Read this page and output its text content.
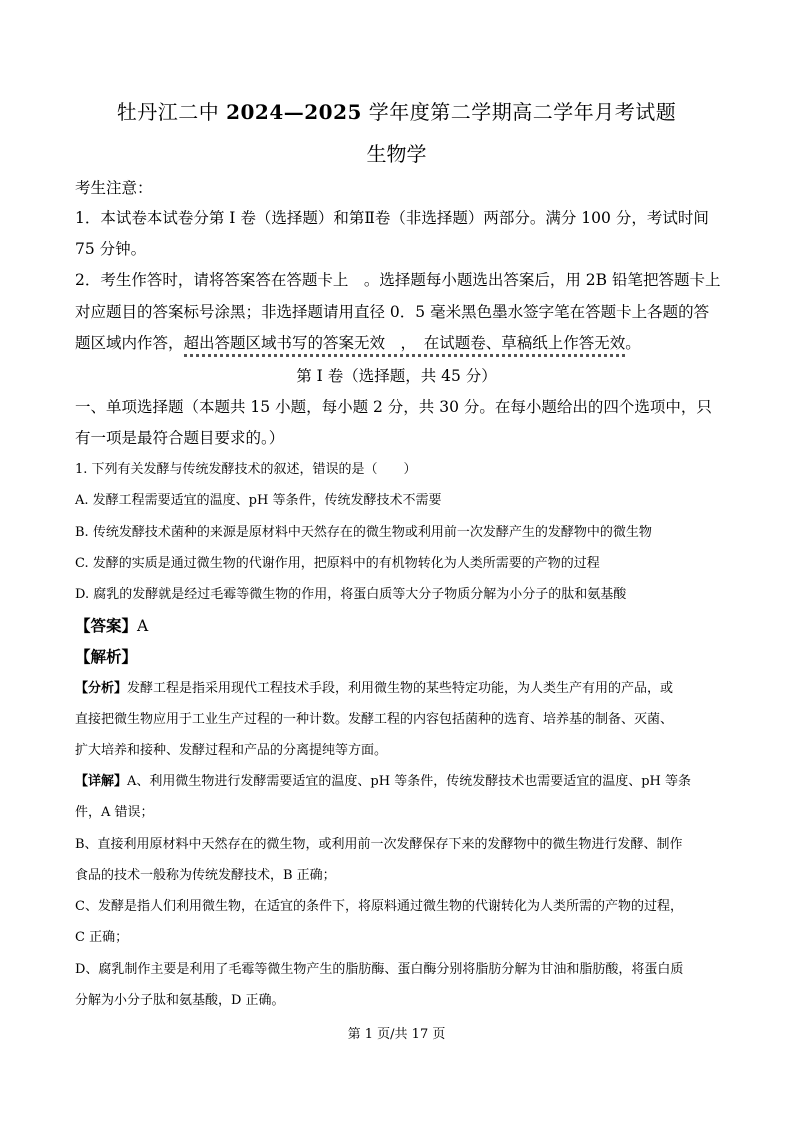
牡丹江二中 2024—2025 学年度第二学期高二学年月考试题
生物学
考生注意：
1．本试卷本试卷分第 I 卷（选择题）和第Ⅱ卷（非选择题）两部分。满分 100 分，考试时间
75 分钟。
2．考生作答时，请将答案答在答题卡上　。选择题每小题选出答案后，用 2B 铅笔把答题卡上
对应题目的答案标号涂黑；非选择题请用直径 0．5 毫米黑色墨水签字笔在答题卡上各题的答
题区域内作答，超出答题区域书写的答案无效　，　在试题卷、草稿纸上作答无效。
第 I 卷（选择题，共 45 分）
一、单项选择题（本题共 15 小题，每小题 2 分，共 30 分。在每小题给出的四个选项中，只
有一项是最符合题目要求的。）
1. 下列有关发酵与传统发酵技术的叙述，错误的是（　　）
A. 发酵工程需要适宜的温度、pH 等条件，传统发酵技术不需要
B. 传统发酵技术菌种的来源是原材料中天然存在的微生物或利用前一次发酵产生的发酵物中的微生物
C. 发酵的实质是通过微生物的代谢作用，把原料中的有机物转化为人类所需要的产物的过程
D. 腐乳的发酵就是经过毛霉等微生物的作用，将蛋白质等大分子物质分解为小分子的肽和氨基酸
【答案】A
【解析】
【分析】发酵工程是指采用现代工程技术手段，利用微生物的某些特定功能，为人类生产有用的产品，或
直接把微生物应用于工业生产过程的一种计数。发酵工程的内容包括菌种的选育、培养基的制备、灭菌、
扩大培养和接种、发酵过程和产品的分离提纯等方面。
【详解】A、利用微生物进行发酵需要适宜的温度、pH 等条件，传统发酵技术也需要适宜的温度、pH 等条
件，A 错误；
B、直接利用原材料中天然存在的微生物，或利用前一次发酵保存下来的发酵物中的微生物进行发酵、制作
食品的技术一般称为传统发酵技术，B 正确；
C、发酵是指人们利用微生物，在适宜的条件下，将原料通过微生物的代谢转化为人类所需的产物的过程，
C 正确；
D、腐乳制作主要是利用了毛霉等微生物产生的脂肪酶、蛋白酶分别将脂肪分解为甘油和脂肪酸，将蛋白质
分解为小分子肽和氨基酸，D 正确。
第 1 页/共 17 页
